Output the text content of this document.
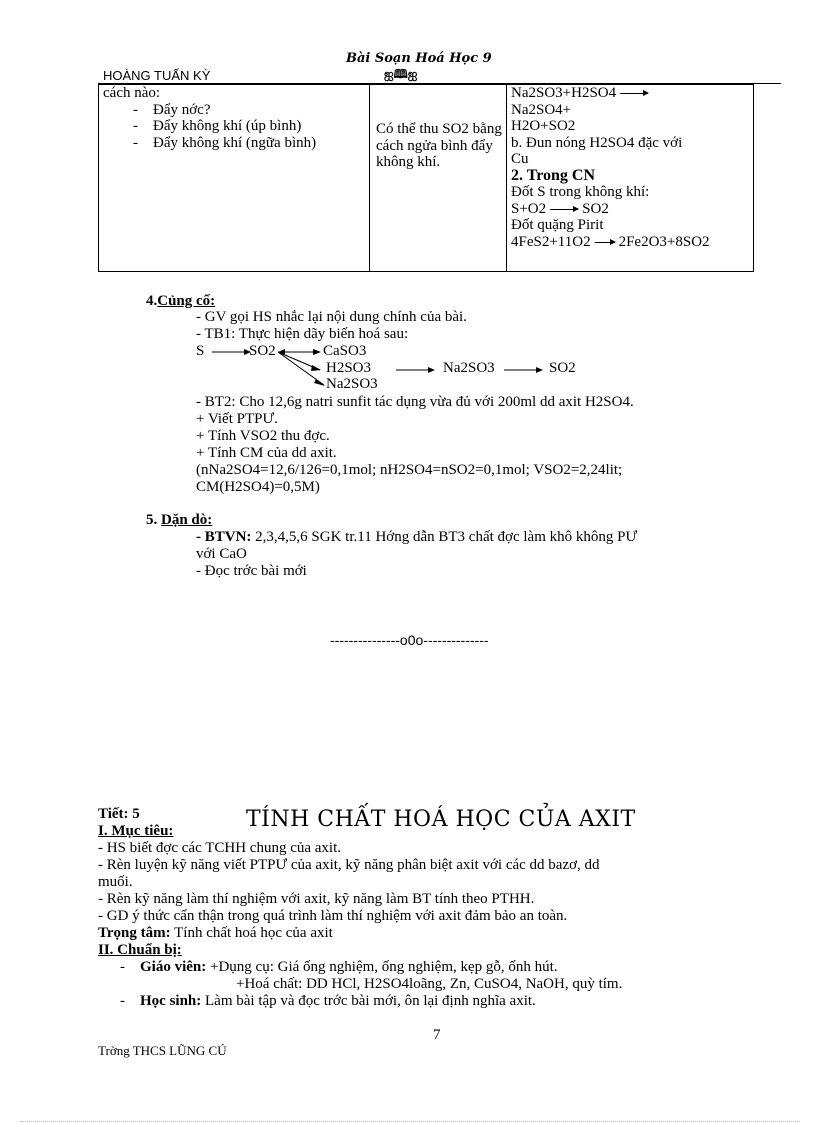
Bài Soạn Hoá Học 9
ஐ🕮ஐ
HOÀNG TUẤN KỲ
cách nào:
- Đẩy nớc?
- Đẩy không khí (úp bình)
- Đẩy không khí (ngữa bình)

Có thể thu SO2 bằng cách ngửa bình đẩy không khí.

Na2SO3+H2SO4
Na2SO4+
H2O+SO2
b. Đun nóng H2SO4 đặc với
Cu
2. Trong CN
Đốt S trong không khí:
S+O2 SO2
Đốt quặng Pirit
4FeS2+11O2 2Fe2O3+8SO2
4.Củng cố:
- GV gọi HS nhắc lại nội dung chính của bài.
- TB1: Thực hiện dãy biến hoá sau:
S	SO2	CaSO3
H2SO3	Na2SO3	SO2
Na2SO3
- BT2: Cho 12,6g natri sunfit tác dụng vừa đủ với 200ml dd axit H2SO4.
+ Viết PTPƯ.
+ Tính VSO2 thu đợc.
+ Tính CM của dd axit.
(nNa2SO4=12,6/126=0,1mol; nH2SO4=nSO2=0,1mol; VSO2=2,24lit;
CM(H2SO4)=0,5M)
5. Dặn dò:
- BTVN: 2,3,4,5,6 SGK tr.11 Hớng dẫn BT3 chất đợc làm khô không PƯ
với CaO
- Đọc trớc bài mới
---------------o0o--------------
Tiết: 5	TÍNH CHẤT HOÁ HỌC CỦA AXIT
I. Mục tiêu:
- HS biết đợc các TCHH chung của axit.
- Rèn luyện kỹ năng viết PTPƯ của axit, kỹ năng phân biệt axit với các dd bazơ, dd
muối.
- Rèn kỹ năng làm thí nghiệm với axit, kỹ năng làm BT tính theo PTHH.
- GD ý thức cẩn thận trong quá trình làm thí nghiệm với axit đảm bảo an toàn.
Trọng tâm: Tính chất hoá học của axit
II. Chuẩn bị:
-    Giáo viên: +Dụng cụ: Giá ống nghiệm, ống nghiệm, kẹp gỗ, ốnh hút.
+Hoá chất: DD HCl, H2SO4loãng, Zn, CuSO4, NaOH, quỳ tím.
-    Học sinh: Làm bài tập và đọc trớc bài mới, ôn lại định nghĩa axit.
7
Trờng THCS LŨNG CÚ
